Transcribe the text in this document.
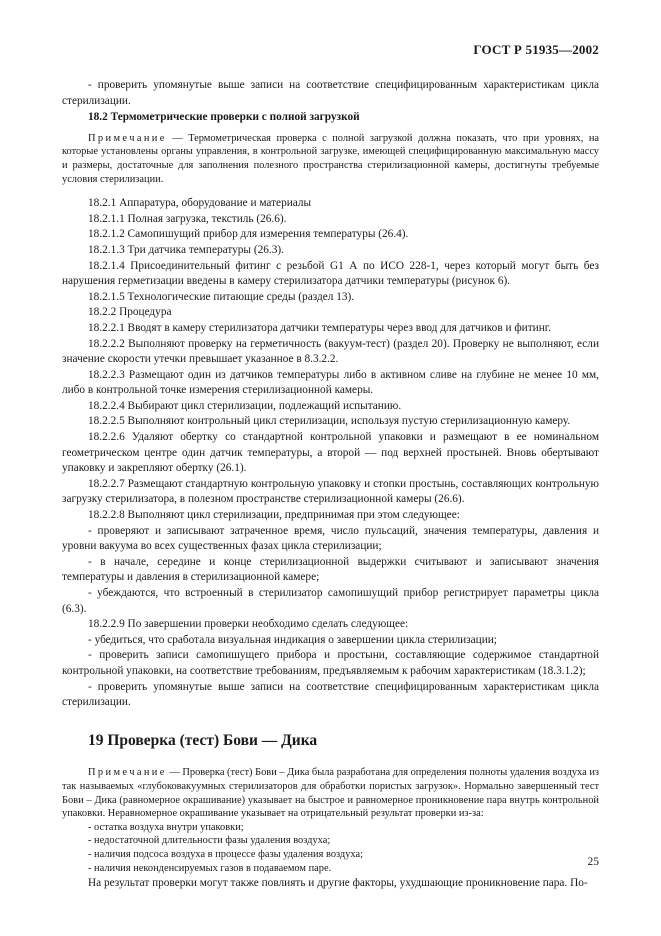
ГОСТ Р 51935—2002

- проверить упомянутые выше записи на соответствие специфицированным характеристикам цикла стерилизации.

18.2 Термометрические проверки с полной загрузкой

Примечание — Термометрическая проверка с полной загрузкой должна показать, что при уровнях, на которые установлены органы управления, в контрольной загрузке, имеющей специфицированную максимальную массу и размеры, достаточные для заполнения полезного пространства стерилизационной камеры, достигнуты требуемые условия стерилизации.

18.2.1 Аппаратура, оборудование и материалы

18.2.1.1 Полная загрузка, текстиль (26.6).

18.2.1.2 Самопишущий прибор для измерения температуры (26.4).

18.2.1.3 Три датчика температуры (26.3).

18.2.1.4 Присоединительный фитинг с резьбой G1 А по ИСО 228-1, через который могут быть без нарушения герметизации введены в камеру стерилизатора датчики температуры (рисунок 6).

18.2.1.5 Технологические питающие среды (раздел 13).

18.2.2 Процедура

18.2.2.1 Вводят в камеру стерилизатора датчики температуры через ввод для датчиков и фитинг.

18.2.2.2 Выполняют проверку на герметичность (вакуум-тест) (раздел 20). Проверку не выполняют, если значение скорости утечки превышает указанное в 8.3.2.2.

18.2.2.3 Размещают один из датчиков температуры либо в активном сливе на глубине не менее 10 мм, либо в контрольной точке измерения стерилизационной камеры.

18.2.2.4 Выбирают цикл стерилизации, подлежащий испытанию.

18.2.2.5 Выполняют контрольный цикл стерилизации, используя пустую стерилизационную камеру.

18.2.2.6 Удаляют обертку со стандартной контрольной упаковки и размещают в ее номинальном геометрическом центре один датчик температуры, а второй — под верхней простыней. Вновь обертывают упаковку и закрепляют обертку (26.1).

18.2.2.7 Размещают стандартную контрольную упаковку и стопки простынь, составляющих контрольную загрузку стерилизатора, в полезном пространстве стерилизационной камеры (26.6).

18.2.2.8 Выполняют цикл стерилизации, предпринимая при этом следующее:

- проверяют и записывают затраченное время, число пульсаций, значения температуры, давления и уровни вакуума во всех существенных фазах цикла стерилизации;

- в начале, середине и конце стерилизационной выдержки считывают и записывают значения температуры и давления в стерилизационной камере;

- убеждаются, что встроенный в стерилизатор самопишущий прибор регистрирует параметры цикла (6.3).

18.2.2.9 По завершении проверки необходимо сделать следующее:

- убедиться, что сработала визуальная индикация о завершении цикла стерилизации;

- проверить записи самопишущего прибора и простыни, составляющие содержимое стандартной контрольной упаковки, на соответствие требованиям, предъявляемым к рабочим характеристикам (18.3.1.2);

- проверить упомянутые выше записи на соответствие специфицированным характеристикам цикла стерилизации.

19 Проверка (тест) Бови — Дика

Примечание — Проверка (тест) Бови – Дика была разработана для определения полноты удаления воздуха из так называемых «глубоковакуумных стерилизаторов для обработки пористых загрузок». Нормально завершенный тест Бови – Дика (равномерное окрашивание) указывает на быстрое и равномерное проникновение пара внутрь контрольной упаковки. Неравномерное окрашивание указывает на отрицательный результат проверки из-за:

- остатка воздуха внутри упаковки;

- недостаточной длительности фазы удаления воздуха;

- наличия подсоса воздуха в процессе фазы удаления воздуха;

- наличия неконденсируемых газов в подаваемом паре.

На результат проверки могут также повлиять и другие факторы, ухудшающие проникновение пара. По-

25
